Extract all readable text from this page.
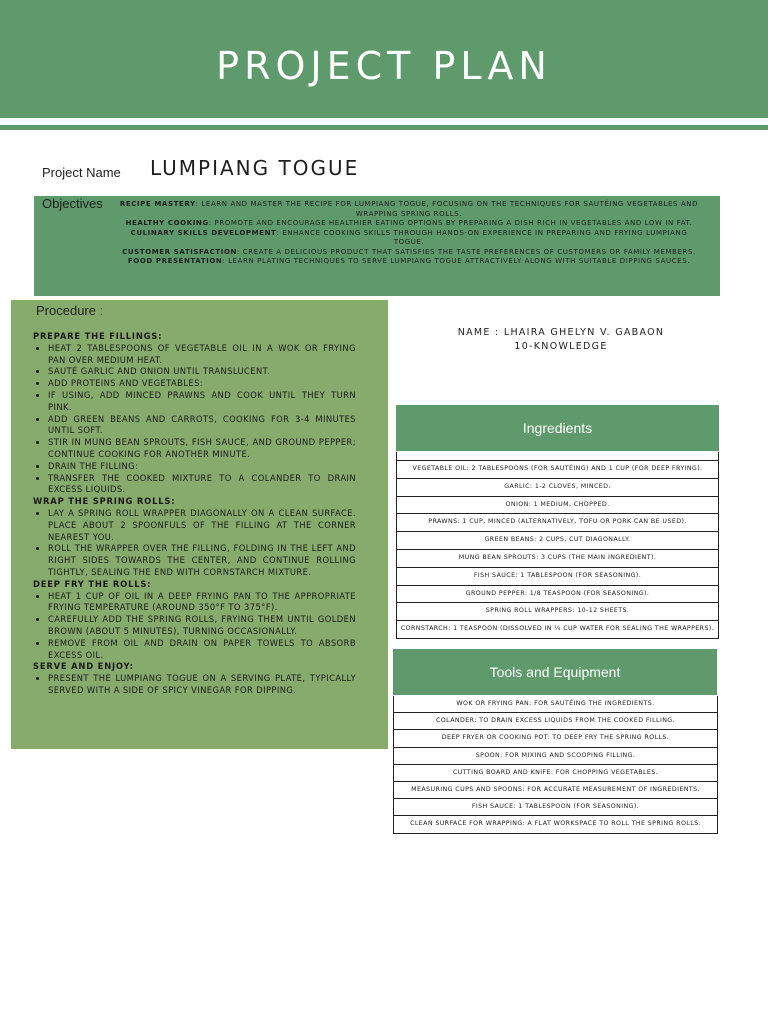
PROJECT PLAN
Project Name LUMPIANG TOGUE
Objectives	RECIPE MASTERY: LEARN AND MASTER THE RECIPE FOR LUMPIANG TOGUE, FOCUSING ON THE TECHNIQUES FOR SAUTÉING VEGETABLES AND WRAPPING SPRING ROLLS.
HEALTHY COOKING: PROMOTE AND ENCOURAGE HEALTHIER EATING OPTIONS BY PREPARING A DISH RICH IN VEGETABLES AND LOW IN FAT.
CULINARY SKILLS DEVELOPMENT: ENHANCE COOKING SKILLS THROUGH HANDS-ON EXPERIENCE IN PREPARING AND FRYING LUMPIANG TOGUE.
CUSTOMER SATISFACTION: CREATE A DELICIOUS PRODUCT THAT SATISFIES THE TASTE PREFERENCES OF CUSTOMERS OR FAMILY MEMBERS.
FOOD PRESENTATION: LEARN PLATING TECHNIQUES TO SERVE LUMPIANG TOGUE ATTRACTIVELY ALONG WITH SUITABLE DIPPING SAUCES.
Procedure :
PREPARE THE FILLINGS:
• HEAT 2 TABLESPOONS OF VEGETABLE OIL IN A WOK OR FRYING PAN OVER MEDIUM HEAT.
• SAUTÉ GARLIC AND ONION UNTIL TRANSLUCENT.
• ADD PROTEINS AND VEGETABLES:
• IF USING, ADD MINCED PRAWNS AND COOK UNTIL THEY TURN PINK.
• ADD GREEN BEANS AND CARROTS, COOKING FOR 3-4 MINUTES UNTIL SOFT.
• STIR IN MUNG BEAN SPROUTS, FISH SAUCE, AND GROUND PEPPER; CONTINUE COOKING FOR ANOTHER MINUTE.
• DRAIN THE FILLING:
• TRANSFER THE COOKED MIXTURE TO A COLANDER TO DRAIN EXCESS LIQUIDS.
WRAP THE SPRING ROLLS:
• LAY A SPRING ROLL WRAPPER DIAGONALLY ON A CLEAN SURFACE. PLACE ABOUT 2 SPOONFULS OF THE FILLING AT THE CORNER NEAREST YOU.
• ROLL THE WRAPPER OVER THE FILLING, FOLDING IN THE LEFT AND RIGHT SIDES TOWARDS THE CENTER, AND CONTINUE ROLLING TIGHTLY, SEALING THE END WITH CORNSTARCH MIXTURE.
DEEP FRY THE ROLLS:
• HEAT 1 CUP OF OIL IN A DEEP FRYING PAN TO THE APPROPRIATE FRYING TEMPERATURE (AROUND 350°F TO 375°F).
• CAREFULLY ADD THE SPRING ROLLS, FRYING THEM UNTIL GOLDEN BROWN (ABOUT 5 MINUTES), TURNING OCCASIONALLY.
• REMOVE FROM OIL AND DRAIN ON PAPER TOWELS TO ABSORB EXCESS OIL.
SERVE AND ENJOY:
• PRESENT THE LUMPIANG TOGUE ON A SERVING PLATE, TYPICALLY SERVED WITH A SIDE OF SPICY VINEGAR FOR DIPPING.
NAME : LHAIRA GHELYN V. GABAON
10-KNOWLEDGE
Ingredients
VEGETABLE OIL: 2 TABLESPOONS (FOR SAUTÉING) AND 1 CUP (FOR DEEP FRYING).
GARLIC: 1-2 CLOVES, MINCED.
ONION: 1 MEDIUM, CHOPPED.
PRAWNS: 1 CUP, MINCED (ALTERNATIVELY, TOFU OR PORK CAN BE USED).
GREEN BEANS: 2 CUPS, CUT DIAGONALLY.
MUNG BEAN SPROUTS: 3 CUPS (THE MAIN INGREDIENT).
FISH SAUCE: 1 TABLESPOON (FOR SEASONING).
GROUND PEPPER: 1/8 TEASPOON (FOR SEASONING).
SPRING ROLL WRAPPERS: 10-12 SHEETS.
CORNSTARCH: 1 TEASPOON (DISSOLVED IN ¼ CUP WATER FOR SEALING THE WRAPPERS).
Tools and Equipment
WOK OR FRYING PAN: FOR SAUTÉING THE INGREDIENTS.
COLANDER: TO DRAIN EXCESS LIQUIDS FROM THE COOKED FILLING.
DEEP FRYER OR COOKING POT: TO DEEP FRY THE SPRING ROLLS.
SPOON: FOR MIXING AND SCOOPING FILLING.
CUTTING BOARD AND KNIFE: FOR CHOPPING VEGETABLES.
MEASURING CUPS AND SPOONS: FOR ACCURATE MEASUREMENT OF INGREDIENTS.
FISH SAUCE: 1 TABLESPOON (FOR SEASONING).
CLEAN SURFACE FOR WRAPPING: A FLAT WORKSPACE TO ROLL THE SPRING ROLLS.
